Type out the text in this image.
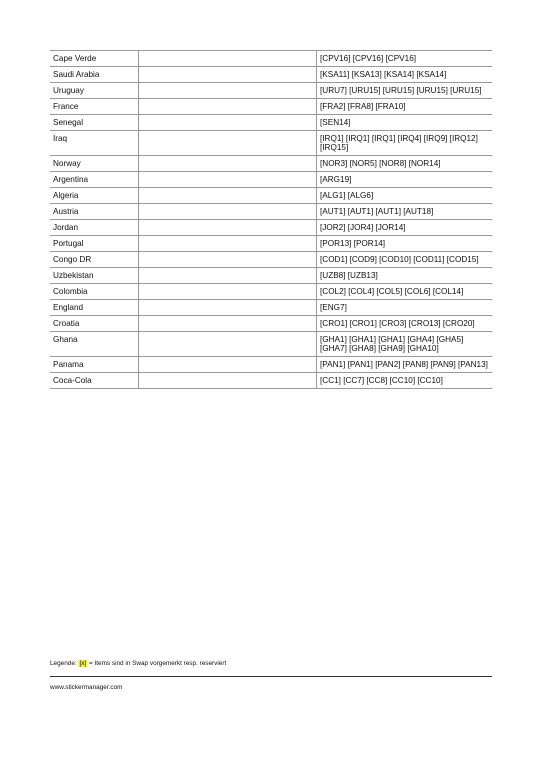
Cape Verde		[CPV16] [CPV16] [CPV16]
Saudi Arabia		[KSA11] [KSA13] [KSA14] [KSA14]
Uruguay		[URU7] [URU15] [URU15] [URU15] [URU15]
France		[FRA2] [FRA8] [FRA10]
Senegal		[SEN14]
Iraq		[IRQ1] [IRQ1] [IRQ1] [IRQ4] [IRQ9] [IRQ12] [IRQ15]
Norway		[NOR3] [NOR5] [NOR8] [NOR14]
Argentina		[ARG19]
Algeria		[ALG1] [ALG6]
Austria		[AUT1] [AUT1] [AUT1] [AUT18]
Jordan		[JOR2] [JOR4] [JOR14]
Portugal		[POR13] [POR14]
Congo DR		[COD1] [COD9] [COD10] [COD11] [COD15]
Uzbekistan		[UZB8] [UZB13]
Colombia		[COL2] [COL4] [COL5] [COL6] [COL14]
England		[ENG7]
Croatia		[CRO1] [CRO1] [CRO3] [CRO13] [CRO20]
Ghana		[GHA1] [GHA1] [GHA1] [GHA4] [GHA5] [GHA7] [GHA8] [GHA9] [GHA10]
Panama		[PAN1] [PAN1] [PAN2] [PAN8] [PAN9] [PAN13]
Coca-Cola		[CC1] [CC7] [CC8] [CC10] [CC10]
Legende: [x] = Items sind in Swap vorgemerkt resp. reserviert
www.stickermanager.com
